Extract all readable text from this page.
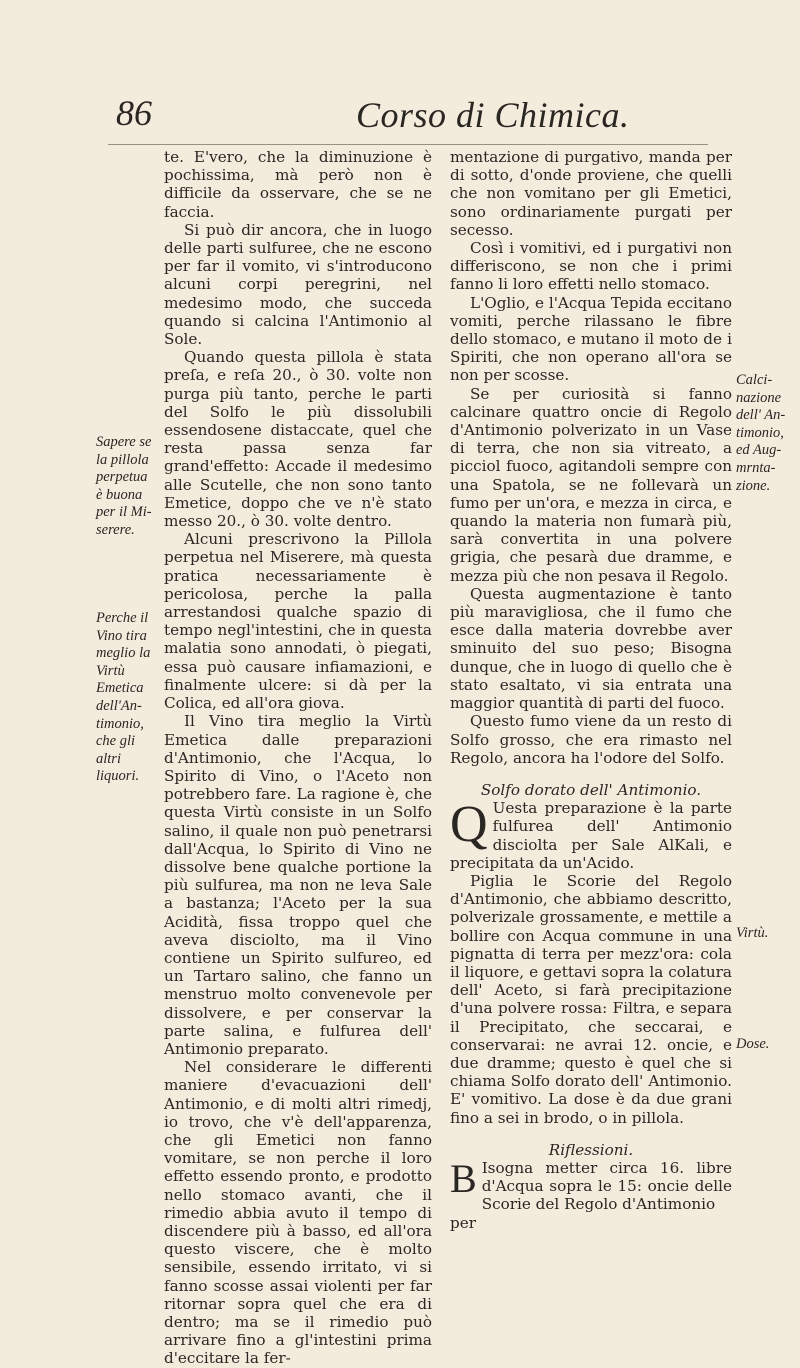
86	Corso di Chimica.

te. E'vero, che la diminuzione è pochissima, mà però non è difficile da osservare, che se ne faccia.

Si può dir ancora, che in luogo delle parti sulfuree, che ne escono per far il vomito, vi s'introducono alcuni corpi peregrini, nel medesimo modo, che succeda quando si calcina l'Antimonio al Sole.

Quando questa pillola è stata preſa, e reſa 20., ò 30. volte non purga più tanto, perche le parti del Solfo le più dissolubili essendosene distaccate, quel che resta passa senza far grand'effetto: Accade il medesimo alle Scutelle, che non sono tanto Emetice, doppo che ve n'è stato messo 20., ò 30. volte dentro.

Alcuni prescrivono la Pillola perpetua nel Miserere, mà questa pratica necessariamente è pericolosa, perche la palla arrestandosi qualche spazio di tempo negl'intestini, che in questa malatia sono annodati, ò piegati, essa può causare infiamazioni, e finalmente ulcere: si dà per la Colica, ed all'ora giova.

Il Vino tira meglio la Virtù Emetica dalle preparazioni d'Antimonio, che l'Acqua, lo Spirito di Vino, o l'Aceto non potrebbero fare. La ragione è, che questa Virtù consiste in un Solfo salino, il quale non può penetrarsi dall'Acqua, lo Spirito di Vino ne dissolve bene qualche portione la più sulfurea, ma non ne leva Sale a bastanza; l'Aceto per la sua Acidità, fissa troppo quel che aveva disciolto, ma il Vino contiene un Spirito sulfureo, ed un Tartaro salino, che fanno un menstruo molto convenevole per dissolvere, e per conservar la parte salina, e fulfurea dell' Antimonio preparato.

Nel considerare le differenti maniere d'evacuazioni dell' Antimonio, e di molti altri rimedj, io trovo, che v'è dell'apparenza, che gli Emetici non fanno vomitare, se non perche il loro effetto essendo pronto, e prodotto nello stomaco avanti, che il rimedio abbia avuto il tempo di discendere più à basso, ed all'ora questo viscere, che è molto sensibile, essendo irritato, vi si fanno scosse assai violenti per far ritornar sopra quel che era di dentro; ma se il rimedio può arrivare fino a gl'intestini prima d'eccitare la fer-

mentazione di purgativo, manda per di sotto, d'onde proviene, che quelli che non vomitano per gli Emetici, sono ordinariamente purgati per secesso.

Così i vomitivi, ed i purgativi non differiscono, se non che i primi fanno li loro effetti nello stomaco.

L'Oglio, e l'Acqua Tepida eccitano vomiti, perche rilassano le fibre dello stomaco, e mutano il moto de i Spiriti, che non operano all'ora se non per scosse.

Se per curiosità si fanno calcinare quattro oncie di Regolo d'Antimonio polverizato in un Vase di terra, che non sia vitreato, a picciol fuoco, agitandoli sempre con una Spatola, se ne follevarà un fumo per un'ora, e mezza in circa, e quando la materia non fumarà più, sarà convertita in una polvere grigia, che pesarà due dramme, e mezza più che non pesava il Regolo.

Questa augmentazione è tanto più maravigliosa, che il fumo che esce dalla materia dovrebbe aver sminuito del suo peso; Bisogna dunque, che in luogo di quello che è stato esaltato, vi sia entrata una maggior quantità di parti del fuoco.

Questo fumo viene da un resto di Solfo grosso, che era rimasto nel Regolo, ancora ha l'odore del Solfo.

Solfo dorato dell' Antimonio.

Q Uesta preparazione è la parte fulfurea dell' Antimonio disciolta per Sale AlKali, e precipitata da un'Acido.

Piglia le Scorie del Regolo d'Antimonio, che abbiamo descritto, polverizale grossamente, e mettile a bollire con Acqua commune in una pignatta di terra per mezz'ora: cola il liquore, e gettavi sopra la colatura dell' Aceto, si farà precipitazione d'una polvere rossa: Filtra, e separa il Precipitato, che seccarai, e conservarai: ne avrai 12. oncie, e due dramme; questo è quel che si chiama Solfo dorato dell' Antimonio. E' vomitivo. La dose è da due grani fino a sei in brodo, o in pillola.

Riflessioni.

B Isogna metter circa 16. libre d'Acqua sopra le 15: oncie delle Scorie del Regolo d'Antimonio

per

Sapere se
la pillola
perpetua
è buona
per il Mi-
serere.
Perche il
Vino tira
meglio la
Virtù
Emetica
dell'An-
timonio,
che gli
altri
liquori.
Calci-
nazione
dell' An-
timonio,
ed Aug-
mrnta-
zione.
Virtù.
Dose.
